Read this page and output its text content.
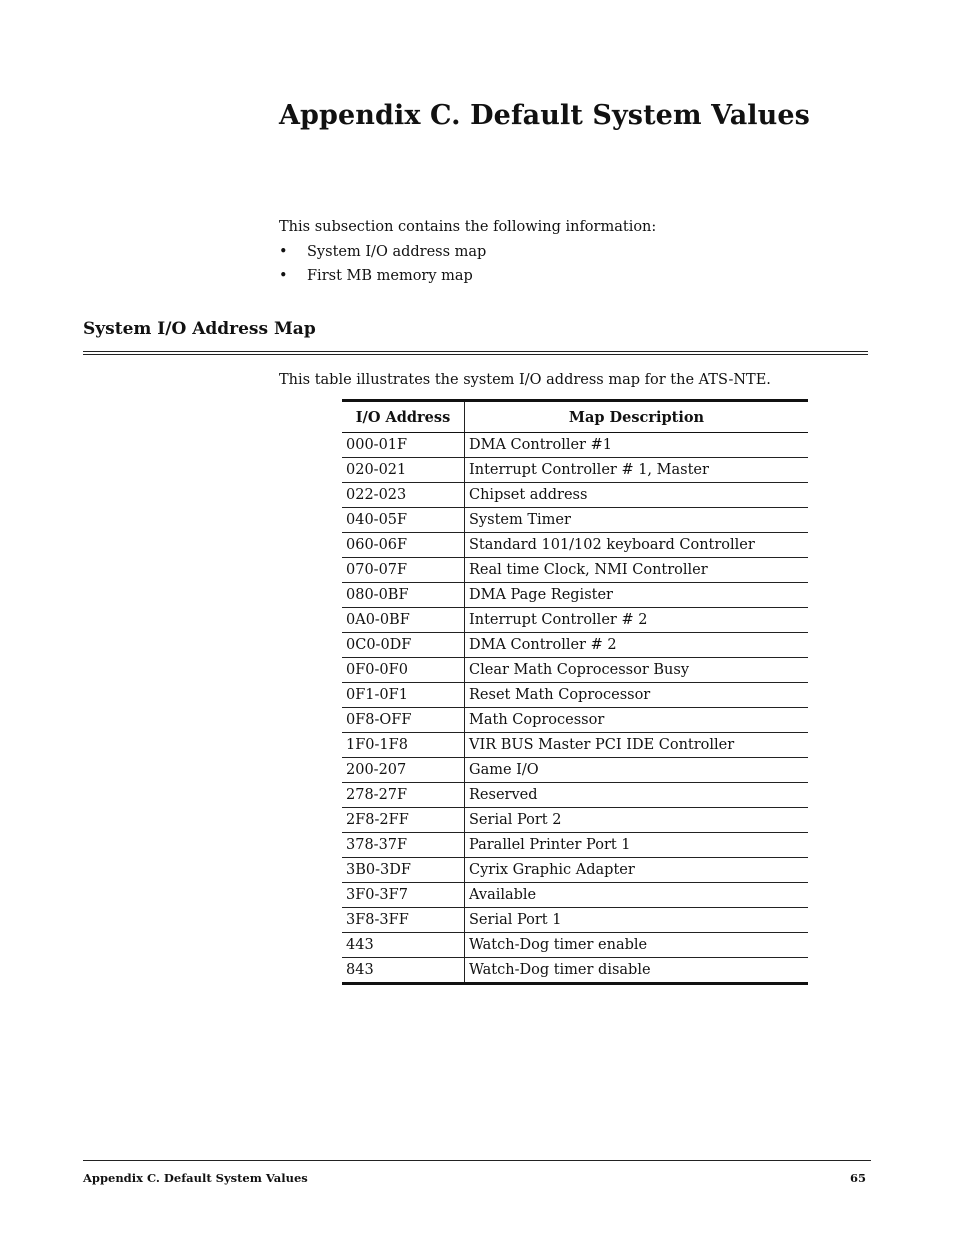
Appendix C. Default System Values

This subsection contains the following information:

• System I/O address map
• First MB memory map
System I/O Address Map

This table illustrates the system I/O address map for the ATS-NTE.

I/O Address	Map Description
000-01F	DMA Controller #1
020-021	Interrupt Controller # 1, Master
022-023	Chipset address
040-05F	System Timer
060-06F	Standard 101/102 keyboard Controller
070-07F	Real time Clock, NMI Controller
080-0BF	DMA Page Register
0A0-0BF	Interrupt Controller # 2
0C0-0DF	DMA Controller # 2
0F0-0F0	Clear Math Coprocessor Busy
0F1-0F1	Reset Math Coprocessor
0F8-OFF	Math Coprocessor
1F0-1F8	VIR BUS Master PCI IDE Controller
200-207	Game I/O
278-27F	Reserved
2F8-2FF	Serial Port 2
378-37F	Parallel Printer Port 1
3B0-3DF	Cyrix Graphic Adapter
3F0-3F7	Available
3F8-3FF	Serial Port 1
443	Watch-Dog timer enable
843	Watch-Dog timer disable
Appendix C. Default System Values	65
